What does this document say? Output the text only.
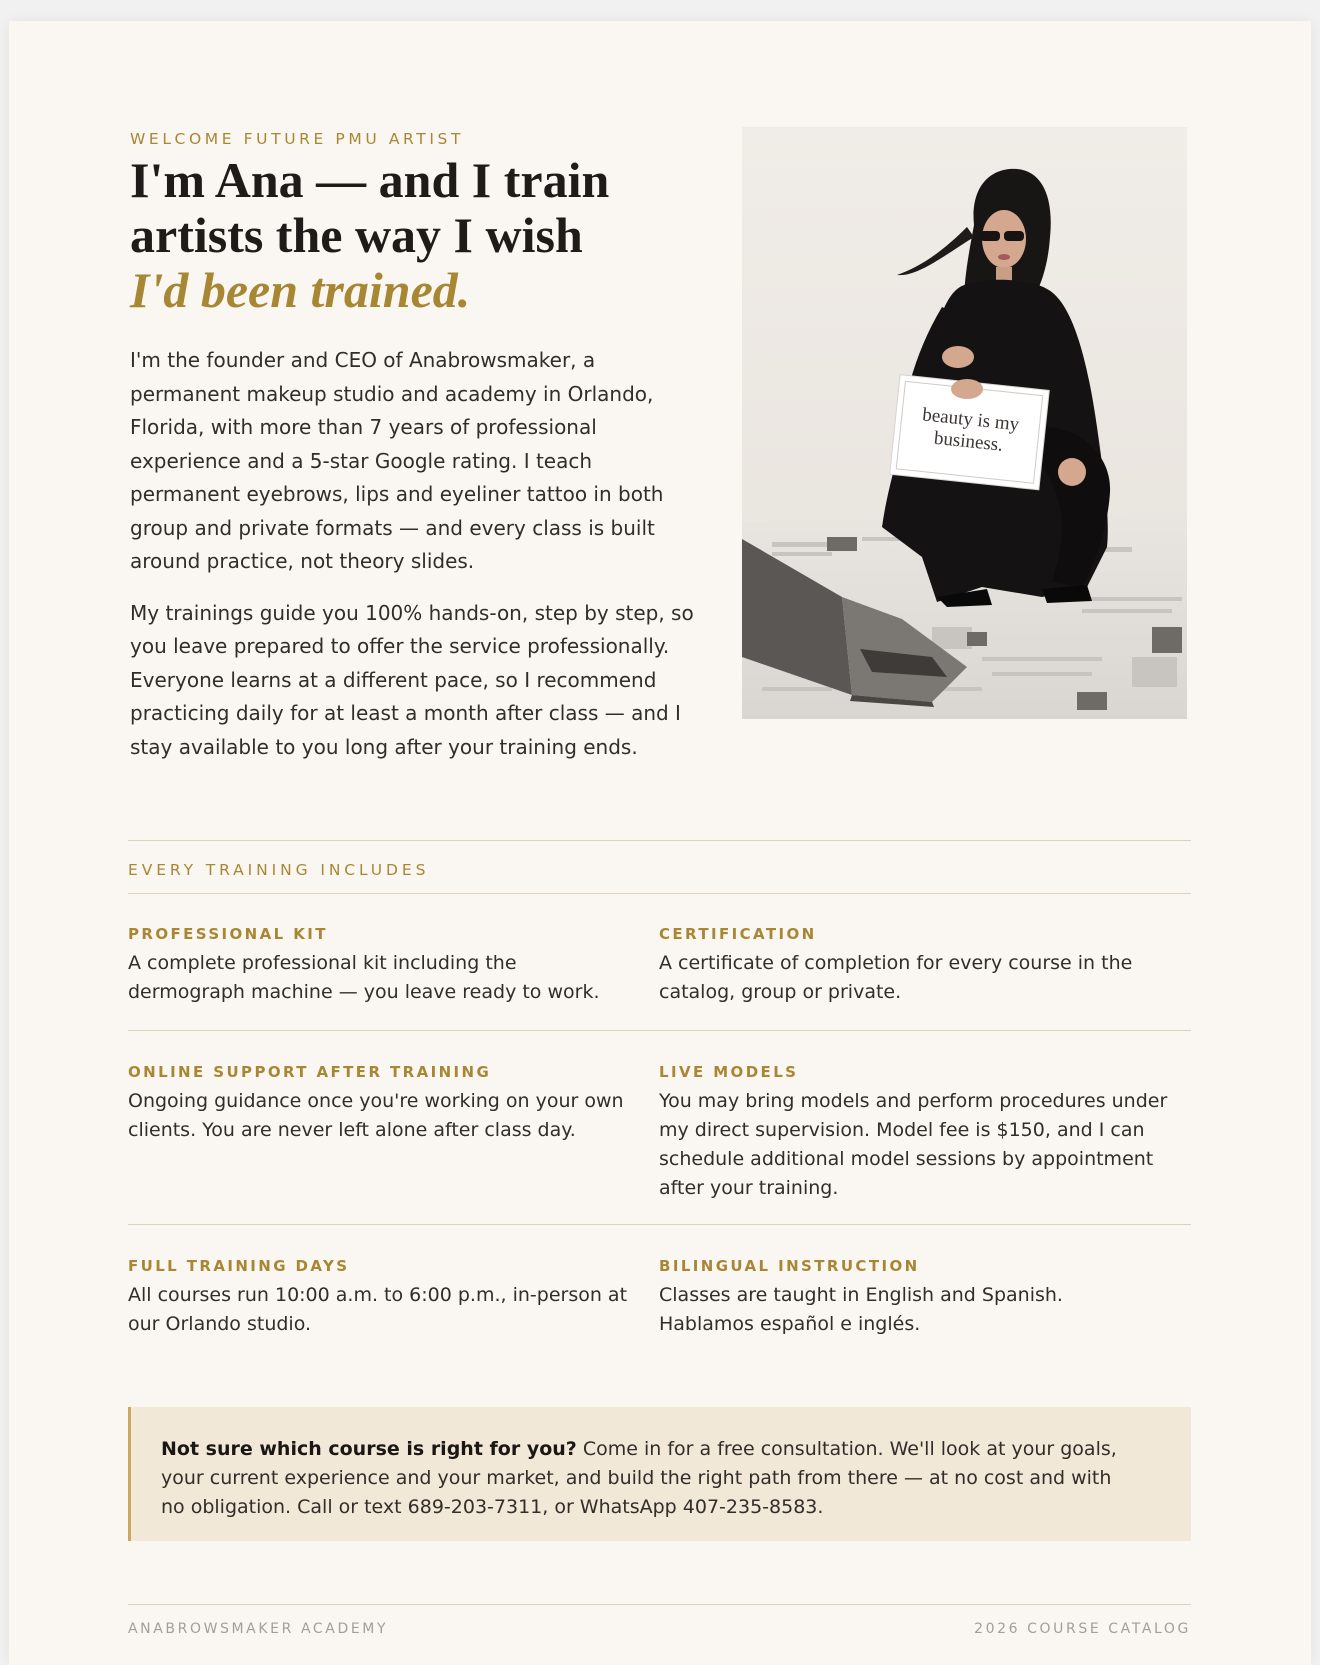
WELCOME FUTURE PMU ARTIST
I'm Ana — and I train
artists the way I wish
I'd been trained.

I'm the founder and CEO of Anabrowsmaker, a permanent makeup studio and academy in Orlando, Florida, with more than 7 years of professional experience and a 5-star Google rating. I teach permanent eyebrows, lips and eyeliner tattoo in both group and private formats — and every class is built around practice, not theory slides.

My trainings guide you 100% hands-on, step by step, so you leave prepared to offer the service professionally. Everyone learns at a different pace, so I recommend practicing daily for at least a month after class — and I stay available to you long after your training ends.

beauty is my
business.
EVERY TRAINING INCLUDES
PROFESSIONAL KIT
A complete professional kit including the dermograph machine — you leave ready to work.
CERTIFICATION
A certificate of completion for every course in the catalog, group or private.
ONLINE SUPPORT AFTER TRAINING
Ongoing guidance once you're working on your own clients. You are never left alone after class day.
LIVE MODELS
You may bring models and perform procedures under my direct supervision. Model fee is $150, and I can schedule additional model sessions by appointment after your training.
FULL TRAINING DAYS
All courses run 10:00 a.m. to 6:00 p.m., in-person at our Orlando studio.
BILINGUAL INSTRUCTION
Classes are taught in English and Spanish. Hablamos español e inglés.
Not sure which course is right for you? Come in for a free consultation. We'll look at your goals, your current experience and your market, and build the right path from there — at no cost and with no obligation. Call or text 689-203-7311, or WhatsApp 407-235-8583.
ANABROWSMAKER ACADEMY	2026 COURSE CATALOG
